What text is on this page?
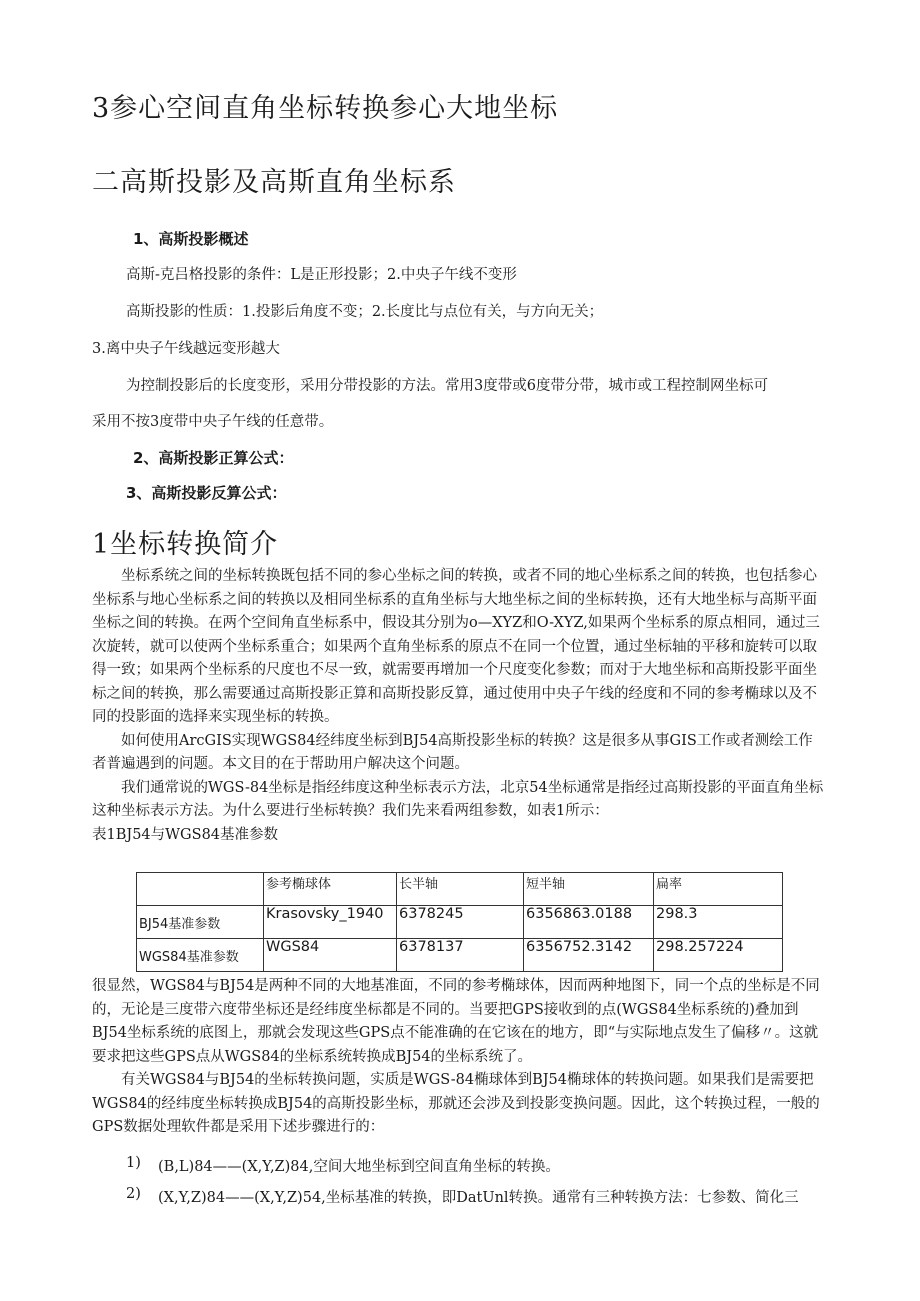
3参心空间直角坐标转换参心大地坐标
二高斯投影及高斯直角坐标系
1、高斯投影概述
高斯-克吕格投影的条件：L是正形投影；2.中央子午线不变形
高斯投影的性质：1.投影后角度不变；2.长度比与点位有关，与方向无关；
3.离中央子午线越远变形越大
为控制投影后的长度变形，采用分带投影的方法。常用3度带或6度带分带，城市或工程控制网坐标可
采用不按3度带中央子午线的任意带。
2、高斯投影正算公式：
3、高斯投影反算公式：
1坐标转换简介

坐标系统之间的坐标转换既包括不同的参心坐标之间的转换，或者不同的地心坐标系之间的转换，也包括参心坐标系与地心坐标系之间的转换以及相同坐标系的直角坐标与大地坐标之间的坐标转换，还有大地坐标与高斯平面坐标之间的转换。在两个空间角直坐标系中，假设其分别为o—XYZ和O-XYZ,如果两个坐标系的原点相同，通过三次旋转，就可以使两个坐标系重合；如果两个直角坐标系的原点不在同一个位置，通过坐标轴的平移和旋转可以取得一致；如果两个坐标系的尺度也不尽一致，就需要再增加一个尺度变化参数；而对于大地坐标和高斯投影平面坐标之间的转换，那么需要通过高斯投影正算和高斯投影反算，通过使用中央子午线的经度和不同的参考椭球以及不同的投影面的选择来实现坐标的转换。

如何使用ArcGIS实现WGS84经纬度坐标到BJ54高斯投影坐标的转换？这是很多从事GIS工作或者测绘工作者普遍遇到的问题。本文目的在于帮助用户解决这个问题。

我们通常说的WGS-84坐标是指经纬度这种坐标表示方法，北京54坐标通常是指经过高斯投影的平面直角坐标这种坐标表示方法。为什么要进行坐标转换？我们先来看两组参数，如表1所示：

表1BJ54与WGS84基准参数

	参考椭球体	长半轴	短半轴	扁率
BJ54基准参数	Krasovsky_1940	6378245	6356863.0188	298.3
WGS84基准参数	WGS84	6378137	6356752.3142	298.257224

很显然，WGS84与BJ54是两种不同的大地基准面，不同的参考椭球体，因而两种地图下，同一个点的坐标是不同的，无论是三度带六度带坐标还是经纬度坐标都是不同的。当要把GPS接收到的点(WGS84坐标系统的)叠加到BJ54坐标系统的底图上，那就会发现这些GPS点不能准确的在它该在的地方，即“与实际地点发生了偏移〃。这就要求把这些GPS点从WGS84的坐标系统转换成BJ54的坐标系统了。

有关WGS84与BJ54的坐标转换问题，实质是WGS-84椭球体到BJ54椭球体的转换问题。如果我们是需要把WGS84的经纬度坐标转换成BJ54的高斯投影坐标，那就还会涉及到投影变换问题。因此，这个转换过程，一般的GPS数据处理软件都是采用下述步骤进行的：

1) (B,L)84——(X,Y,Z)84,空间大地坐标到空间直角坐标的转换。
2) (X,Y,Z)84——(X,Y,Z)54,坐标基准的转换，即DatUnl转换。通常有三种转换方法：七参数、简化三
